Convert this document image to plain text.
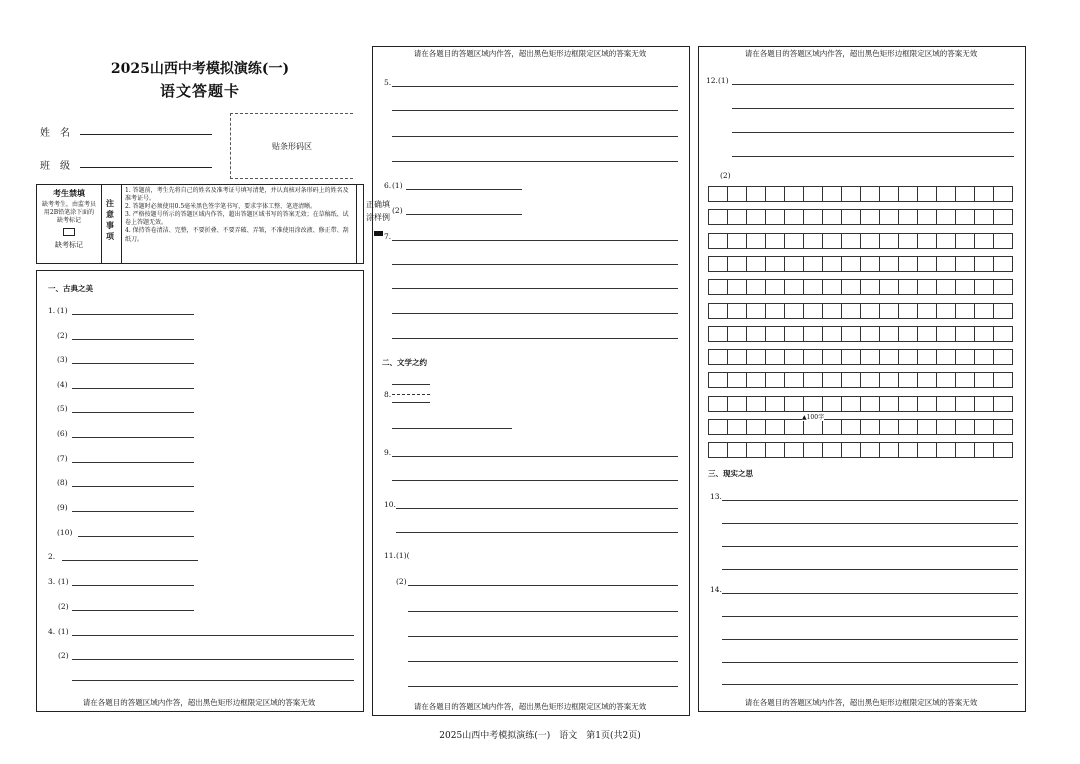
2025山西中考模拟演练(一)
语文答题卡
姓　名
班　级
贴条形码区
考生禁填
缺考考生，由监考员用2B铅笔涂下面的缺考标记
缺考标记
注意事项
1. 答题前，考生先将自己的姓名及准考证号填写清楚，并认真核对条形码上的姓名及准考证号。
2. 答题时必须使用0.5毫米黑色签字笔书写，要求字体工整、笔迹清晰。
3. 严格按题号所示的答题区域内作答，超出答题区域书写的答案无效；在草稿纸、试卷上答题无效。
4. 保持答卷清洁、完整，不要折叠、不要弄破、弄皱，不准使用涂改液、修正带、刮纸刀。
正确填涂样例
一、古典之美
1. (1)
(2)
(3)
(4)
(5)
(6)
(7)
(8)
(9)
(10)
2.
3. (1)
(2)
4. (1)
(2)
请在各题目的答题区域内作答，超出黑色矩形边框限定区域的答案无效
请在各题目的答题区域内作答，超出黑色矩形边框限定区域的答案无效
5.
6. (1)
(2)
7.
二、文学之约
8.
9.
10.
11. (1)(
(2)
请在各题目的答题区域内作答，超出黑色矩形边框限定区域的答案无效
请在各题目的答题区域内作答，超出黑色矩形边框限定区域的答案无效
12. (1)
(2)
▲100字
三、现实之思
13.
14.
请在各题目的答题区域内作答，超出黑色矩形边框限定区域的答案无效
2025山西中考模拟演练(一)　语文　第1页(共2页)
